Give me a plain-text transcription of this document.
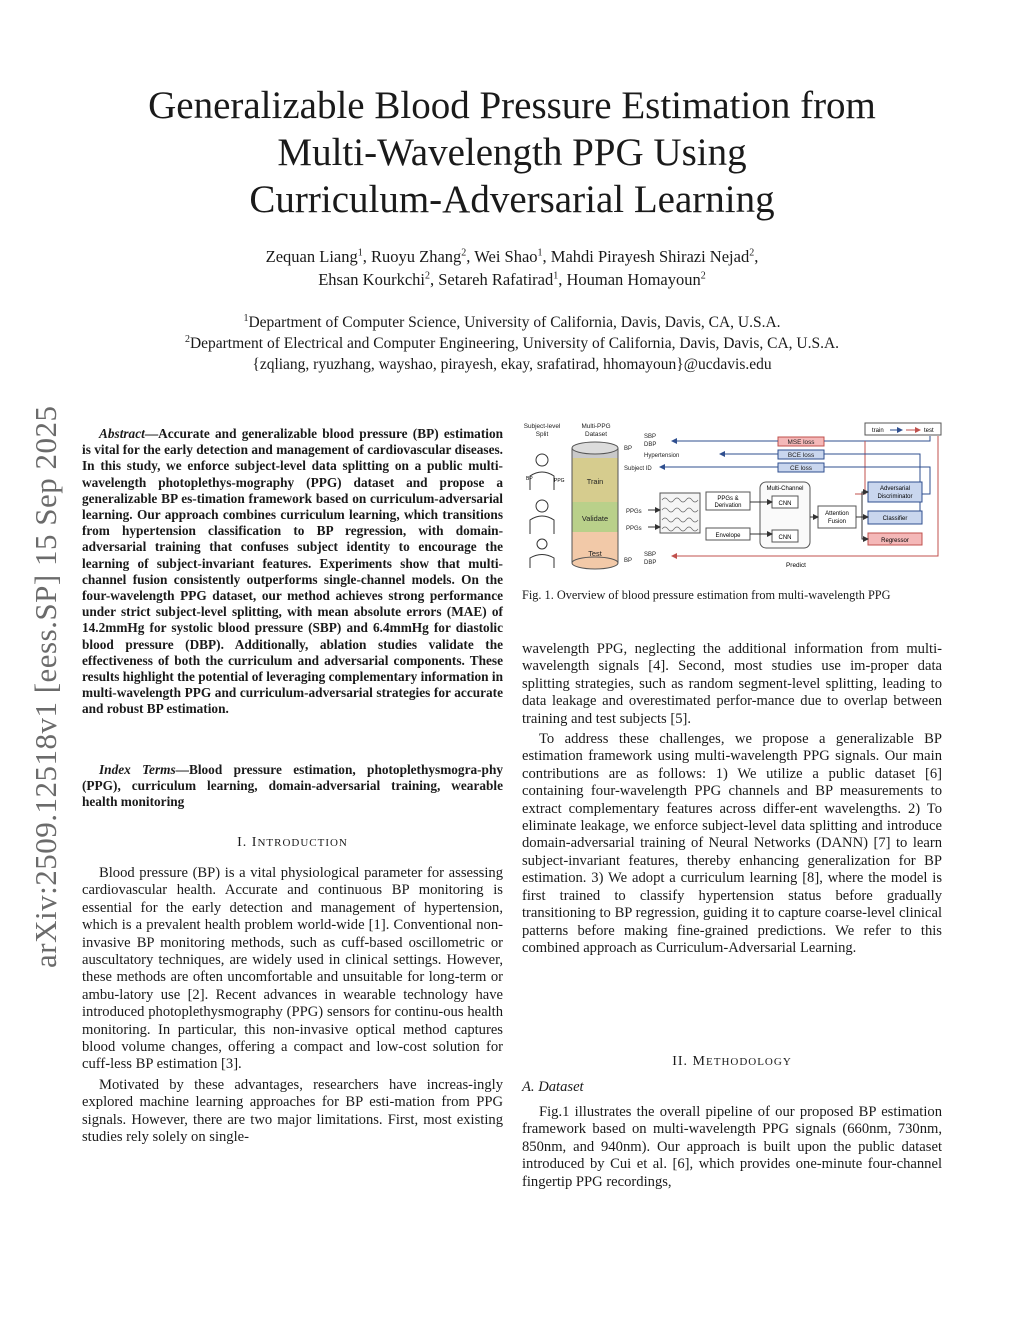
arXiv:2509.12518v1 [eess.SP] 15 Sep 2025
Generalizable Blood Pressure Estimation from
Multi-Wavelength PPG Using
Curriculum-Adversarial Learning
Zequan Liang$^1$, Ruoyu Zhang$^2$, Wei Shao$^1$, Mahdi Pirayesh Shirazi Nejad$^2$,
Ehsan Kourkchi$^2$, Setareh Rafatirad$^1$, Houman Homayoun$^2$
$^1$Department of Computer Science, University of California, Davis, Davis, CA, U.S.A.
$^2$Department of Electrical and Computer Engineering, University of California, Davis, Davis, CA, U.S.A.
{zqliang, ryuzhang, wayshao, pirayesh, ekay, srafatirad, hhomayoun}@ucdavis.edu
Abstract—Accurate and generalizable blood pressure (BP) estimation is vital for the early detection and management of cardiovascular diseases. In this study, we enforce subject-level data splitting on a public multi-wavelength photoplethys-mography (PPG) dataset and propose a generalizable BP es-timation framework based on curriculum-adversarial learning. Our approach combines curriculum learning, which transitions from hypertension classification to BP regression, with domain-adversarial training that confuses subject identity to encourage the learning of subject-invariant features. Experiments show that multi-channel fusion consistently outperforms single-channel models. On the four-wavelength PPG dataset, our method achieves strong performance under strict subject-level splitting, with mean absolute errors (MAE) of 14.2mmHg for systolic blood pressure (SBP) and 6.4mmHg for diastolic blood pressure (DBP). Additionally, ablation studies validate the effectiveness of both the curriculum and adversarial components. These results highlight the potential of leveraging complementary information in multi-wavelength PPG and curriculum-adversarial strategies for accurate and robust BP estimation.
Index Terms—Blood pressure estimation, photoplethysmogra-phy (PPG), curriculum learning, domain-adversarial training, wearable health monitoring
I. INTRODUCTION

Blood pressure (BP) is a vital physiological parameter for assessing cardiovascular health. Accurate and continuous BP monitoring is essential for the early detection and management of hypertension, which is a prevalent health problem world-wide [1]. Conventional non-invasive BP monitoring methods, such as cuff-based oscillometric or auscultatory techniques, are widely used in clinical settings. However, these methods are often uncomfortable and unsuitable for long-term or ambu-latory use [2]. Recent advances in wearable technology have introduced photoplethysmography (PPG) sensors for continu-ous health monitoring. In particular, this non-invasive optical method captures blood volume changes, offering a compact and low-cost solution for cuff-less BP estimation [3].

Motivated by these advantages, researchers have increas-ingly explored machine learning approaches for BP esti-mation from PPG signals. However, there are two major limitations. First, most existing studies rely solely on single-

Subject-level
Split
Multi-PPG
Dataset
BP	PPG	Train
Validate
Test
BP
SBP
DBP
Hypertension
Subject ID
PPGs
PPGs
BP
SBP
DBP
train	test
MSE loss
BCE loss
CE loss
PPGs &
Derivation
Envelope
Multi-Channel
CNN
CNN
Attention
Fusion
Adversarial
Discriminator
Classifier
Regressor
Predict
Fig. 1. Overview of blood pressure estimation from multi-wavelength PPG

wavelength PPG, neglecting the additional information from multi-wavelength signals [4]. Second, most studies use im-proper data splitting strategies, such as random segment-level splitting, leading to data leakage and overestimated perfor-mance due to overlap between training and test subjects [5].

To address these challenges, we propose a generalizable BP estimation framework using multi-wavelength PPG signals. Our main contributions are as follows: 1) We utilize a public dataset [6] containing four-wavelength PPG channels and BP measurements to extract complementary features across differ-ent wavelengths. 2) To eliminate leakage, we enforce subject-level data splitting and introduce domain-adversarial training of Neural Networks (DANN) [7] to learn subject-invariant features, thereby enhancing generalization for BP estimation. 3) We adopt a curriculum learning [8], where the model is first trained to classify hypertension status before gradually transitioning to BP regression, guiding it to capture coarse-level clinical patterns before making fine-grained predictions. We refer to this combined approach as Curriculum-Adversarial Learning.

II. METHODOLOGY
A. Dataset

Fig.1 illustrates the overall pipeline of our proposed BP estimation framework based on multi-wavelength PPG signals (660nm, 730nm, 850nm, and 940nm). Our approach is built upon the public dataset introduced by Cui et al. [6], which provides one-minute four-channel fingertip PPG recordings,
